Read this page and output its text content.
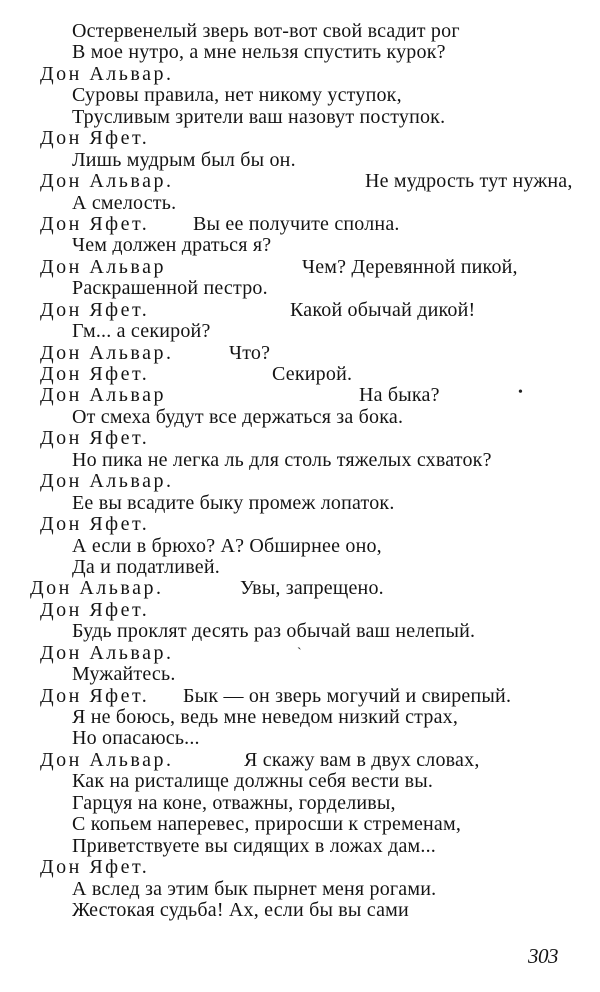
Остервенелый зверь вот-вот свой всадит рог
В мое нутро, а мне нельзя спустить курок?
Дон Альвар.
Суровы правила, нет никому уступок,
Трусливым зрители ваш назовут поступок.
Дон Яфет.
Лишь мудрым был бы он.
Дон Альвар.	Не мудрость тут нужна,
А смелость.
Дон Яфет. Вы ее получите сполна.
Чем должен драться я?
Дон Альвар	Чем? Деревянной пикой,
Раскрашенной пестро.
Дон Яфет.	Какой обычай дикой!
Гм... а секирой?
Дон Альвар.	Что?
Дон Яфет.	Секирой.
Дон Альвар	На быка?	•
От смеха будут все держаться за бока.
Дон Яфет.
Но пика не легка ль для столь тяжелых схваток?
Дон Альвар.
Ее вы всадите быку промеж лопаток.
Дон Яфет.
А если в брюхо? А? Обширнее оно,
Да и податливей.
Дон Альвар.	Увы, запрещено.
Дон Яфет.
Будь проклят десять раз обычай ваш нелепый.
Дон Альвар.	ˋ
Мужайтесь.
Дон Яфет. Бык — он зверь могучий и свирепый.
Я не боюсь, ведь мне неведом низкий страх,
Но опасаюсь...
Дон Альвар.	Я скажу вам в двух словах,
Как на ристалище должны себя вести вы.
Гарцуя на коне, отважны, горделивы,
С копьем наперевес, приросши к стременам,
Приветствуете вы сидящих в ложах дам...
Дон Яфет.
А вслед за этим бык пырнет меня рогами.
Жестокая судьба! Ах, если бы вы сами
303
